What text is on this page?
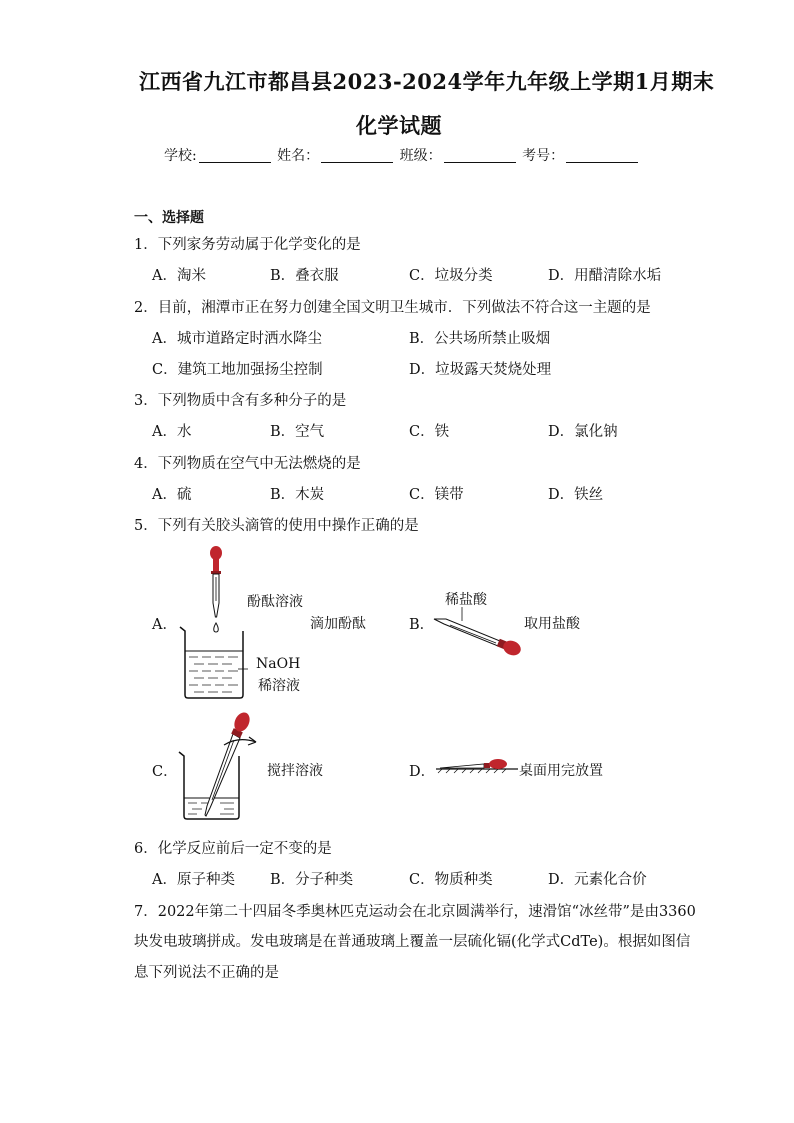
江西省九江市都昌县2023-2024学年九年级上学期1月期末
化学试题
学校:	姓名：	班级：	考号：
一、选择题
1．下列家务劳动属于化学变化的是
A．淘米	B．叠衣服	C．垃圾分类	D．用醋清除水垢
2．目前，湘潭市正在努力创建全国文明卫生城市．下列做法不符合这一主题的是
A．城市道路定时洒水降尘	B．公共场所禁止吸烟
C．建筑工地加强扬尘控制	D．垃圾露天焚烧处理
3．下列物质中含有多种分子的是
A．水	B．空气	C．铁	D．氯化钠
4．下列物质在空气中无法燃烧的是
A．硫	B．木炭	C．镁带	D．铁丝
5．下列有关胶头滴管的使用中操作正确的是
A．
酚酞溶液
滴加酚酞
NaOH
稀溶液
B．
稀盐酸
取用盐酸
C．	搅拌溶液	D．	桌面用完放置
6．化学反应前后一定不变的是
A．原子种类 B．分子种类	C．物质种类	D．元素化合价
7．2022年第二十四届冬季奥林匹克运动会在北京圆满举行，速滑馆“冰丝带”是由3360
块发电玻璃拼成。发电玻璃是在普通玻璃上覆盖一层硫化镉(化学式CdTe)。根据如图信
息下列说法不正确的是
